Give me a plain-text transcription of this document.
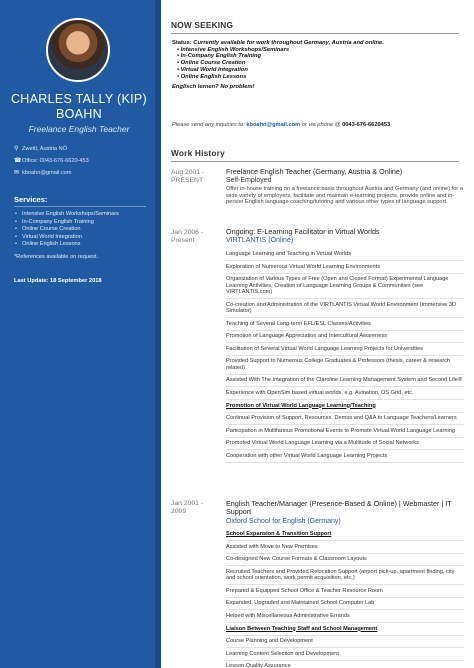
CHARLES TALLY (KIP) BOAHN
Freelance English Teacher
⚲ Zwettl, Austria NÖ
☎Office: 0043-676-6620-453
✉ kboahn@gmail.com
Services:
• Intensive English Workshops/Seminars
• In-Company English Training
• Online Course Creation
• Virtual World Integration
• Online English Lessons
*References available on request.
Last Update: 18 September 2018
NOW SEEKING
Status: Currently available for work throughout Germany, Austria and online.
• Intensive English Workshops/Seminars
• In-Company English Training
• Online Course Creation
• Virtual World Integration
• Online English Lessons
Englisch lernen? No problem!
Please send any inquiries to: kboahn@gmail.com or via phone @ 0043-676-6620453
Work History
Aug 2001 -
PRESENT
Freelance English Teacher (Germany, Austria & Online)
Self-Employed
Offer in-house training on a freelance basis throughout Austria and Germany (and online) for a wide variety of employers, facilitate and maintain e-learning projects, provide online and in-person English language coaching/tutoring and various other types of language support.
Jan 2006 -
Present
Ongoing: E-Learning Facilitator in Virtual Worlds
VIRTLANTIS (Online)
Language Learning and Teaching in Virtual Worlds
Exploration of Numerous Virtual World Learning Environments
Organization of Various Types of Free (Open and Closed Format) Experimental Language Learning Activities, Creation of Language Learning Groups & Communities (see VIRTLANTIS.com)
Co-creation and Administration of the VIRTLANTIS Virtual World Environment (Immersive 3D Simulator)
Teaching of Several Long-term EFL/ESL Classes/Activities
Promotion of Language Appreciation and Intercultural Awareness
Facilitation of Several Virtual World Language Learning Projects for Universities
Provided Support to Numerous College Graduates & Professors (thesis, career & research related)
Assisted With The Integration of the Claroline Learning Management System and Second Life®
Experience with OpenSim based virtual worlds, e.g. Avination, OS Grid, etc.
Promotion of Virtual World Language Learning/Teaching
Continual Provision of Support, Resources, Demos and Q&A to Language Teachers/Learners
Participation in Multifarious Promotional Events to Promote Virtual World Language Learning
Promoted Virtual World Language Learning via a Multitude of Social Networks
Cooperation with other Virtual World Language Learning Projects
Jan 2001 -
2009
English Teacher/Manager (Presence-Based & Online) | Webmaster | IT Support
Oxford School for English (Germany)
School Expansion & Transition Support
Assisted with Move to New Premises
Co-designed New Course Formats & Classroom Layouts
Recruited Teachers and Provided Relocation Support (airport pick-up, apartment finding, city and school orientation, work permit acquisition, etc.)
Prepared & Equipped School Office & Teacher Resource Room
Expanded, Upgraded and Maintained School Computer Lab
Helped with Miscellaneous Administrative Errands
Liaison Between Teaching Staff and School Management
Course Planning and Development
Learning Content Selection and Development
Lesson Quality Assurance
